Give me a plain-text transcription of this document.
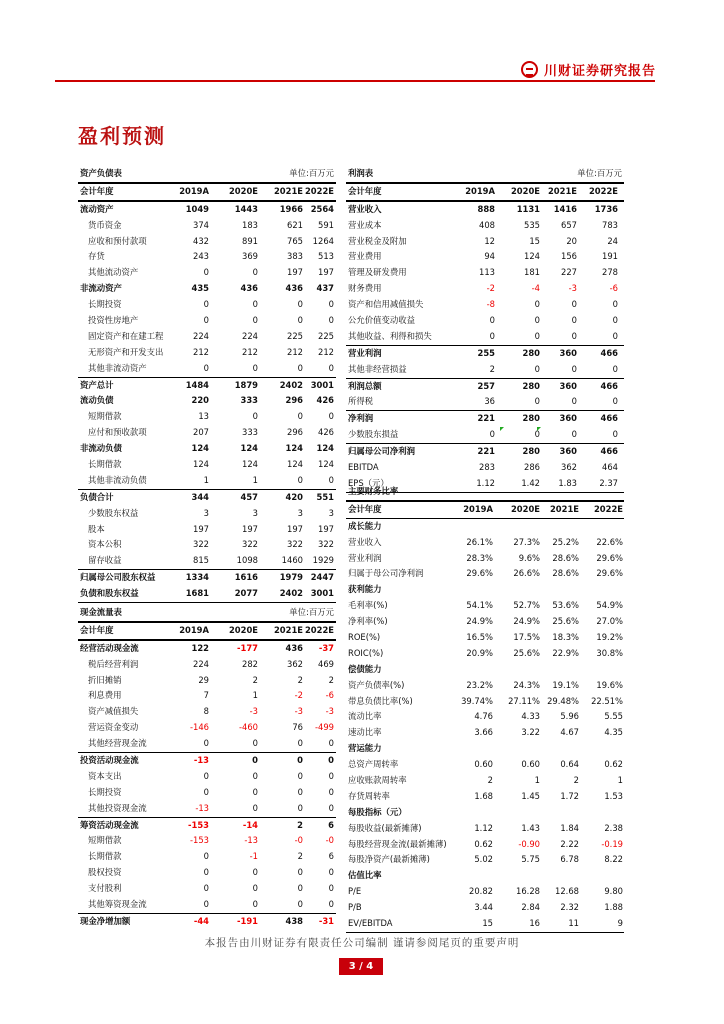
川财证券研究报告
盈利预测
资产负债表	单位:百万元
会计年度	2019A	2020E	2021E 2022E
流动资产	1049	1443	1966 2564
货币资金	374	183	621	591
应收和预付款项	432	891	765	1264
存货	243	369	383	513
其他流动资产	0	0	197	197
非流动资产	435	436	436	437
长期投资	0	0	0	0
投资性房地产	0	0	0	0
固定资产和在建工程	224	224	225	225
无形资产和开发支出	212	212	212	212
其他非流动资产	0	0	0	0
资产总计	1484	1879	2402 3001
流动负债	220	333	296	426
短期借款	13	0	0	0
应付和预收款项	207	333	296	426
非流动负债	124	124	124	124
长期借款	124	124	124	124
其他非流动负债	1	1	0	0
负债合计	344	457	420	551
少数股东权益	3	3	3	3
股本	197	197	197	197
资本公积	322	322	322	322
留存收益	815	1098	1460	1929
归属母公司股东权益	1334	1616	1979 2447
负债和股东权益	1681	2077	2402 3001
利润表	单位:百万元
会计年度	2019A	2020E 2021E	2022E
营业收入	888	1131	1416	1736
营业成本	408	535	657	783
营业税金及附加	12	15	20	24
营业费用	94	124	156	191
管理及研发费用	113	181	227	278
财务费用	-2	-4	-3	-6
资产和信用减值损失	-8	0	0	0
公允价值变动收益	0	0	0	0
其他收益、利得和损失	0	0	0	0
营业利润	255	280	360	466
其他非经营损益	2	0	0	0
利润总额	257	280	360	466
所得税	36	0	0	0
净利润	221	280	360	466
少数股东损益	0	0	0	0
归属母公司净利润	221	280	360	466
EBITDA	283	286	362	464
EPS（元）	1.12	1.42	1.83	2.37
主要财务比率
会计年度	2019A	2020E	2021E	2022E
成长能力
营业收入	26.1%	27.3%	25.2%	22.6%
营业利润	28.3%	9.6%	28.6%	29.6%
归属于母公司净利润	29.6%	26.6%	28.6%	29.6%
获利能力
毛利率(%)	54.1%	52.7%	53.6%	54.9%
净利率(%)	24.9%	24.9%	25.6%	27.0%
ROE(%)	16.5%	17.5%	18.3%	19.2%
ROIC(%)	20.9%	25.6%	22.9%	30.8%
偿债能力
资产负债率(%)	23.2%	24.3%	19.1%	19.6%
带息负债比率(%)	39.74%	27.11% 29.48%	22.51%
流动比率	4.76	4.33	5.96	5.55
速动比率	3.66	3.22	4.67	4.35
营运能力
总资产周转率	0.60	0.60	0.64	0.62
应收账款周转率	2	1	2	1
存货周转率	1.68	1.45	1.72	1.53
每股指标（元）
每股收益(最新摊薄)	1.12	1.43	1.84	2.38
每股经营现金流(最新摊薄)	0.62	-0.90	2.22	-0.19
每股净资产(最新摊薄)	5.02	5.75	6.78	8.22
估值比率
P/E	20.82	16.28	12.68	9.80
P/B	3.44	2.84	2.32	1.88
EV/EBITDA	15	16	11	9
现金流量表	单位:百万元
会计年度	2019A	2020E	2021E 2022E
经营活动现金流	122	-177	436	-37
税后经营利润	224	282	362	469
折旧摊销	29	2	2	2
利息费用	7	1	-2	-6
资产减值损失	8	-3	-3	-3
营运资金变动	-146	-460	76	-499
其他经营现金流	0	0	0	0
投资活动现金流	-13	0	0	0
资本支出	0	0	0	0
长期投资	0	0	0	0
其他投资现金流	-13	0	0	0
筹资活动现金流	-153	-14	2	6
短期借款	-153	-13	-0	-0
长期借款	0	-1	2	6
股权投资	0	0	0	0
支付股利	0	0	0	0
其他筹资现金流	0	0	0	0
现金净增加额	-44	-191	438	-31
本报告由川财证券有限责任公司编制 谨请参阅尾页的重要声明
3 / 4
